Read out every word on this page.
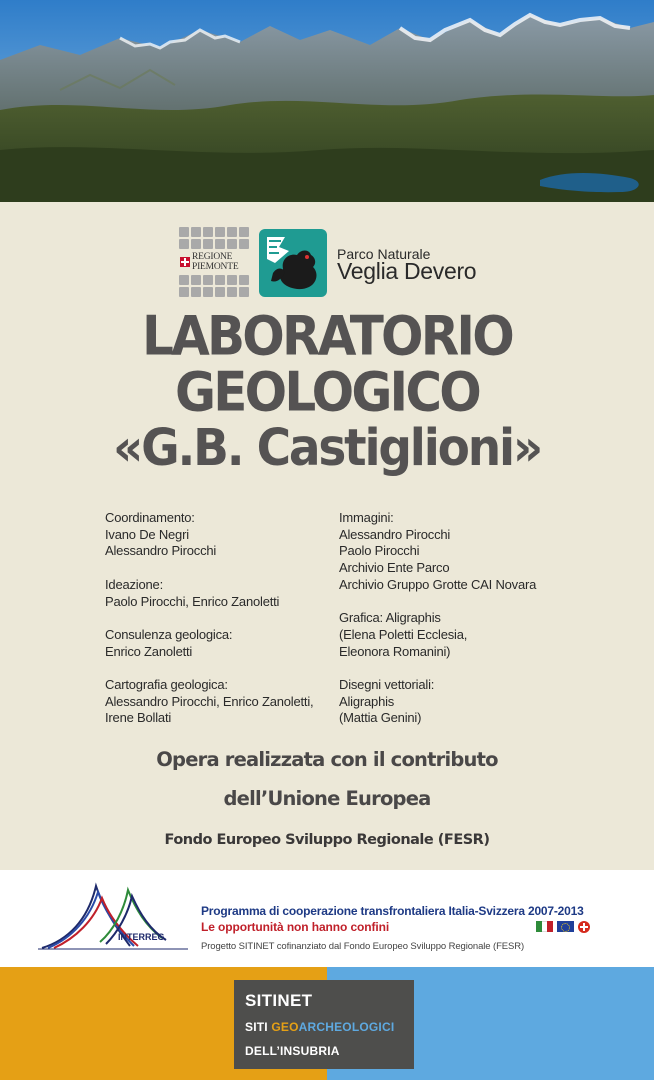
REGIONE
PIEMONTE
Parco Naturale
Veglia Devero
LABORATORIO
GEOLOGICO
«G.B. Castiglioni»
Coordinamento:
Ivano De Negri
Alessandro Pirocchi
Ideazione:
Paolo Pirocchi, Enrico Zanoletti
Consulenza geologica:
Enrico Zanoletti
Cartografia geologica:
Alessandro Pirocchi, Enrico Zanoletti,
Irene Bollati
Immagini:
Alessandro Pirocchi
Paolo Pirocchi
Archivio Ente Parco
Archivio Gruppo Grotte CAI Novara
Grafica: Aligraphis
(Elena Poletti Ecclesia,
Eleonora Romanini)
Disegni vettoriali:
Aligraphis
(Mattia Genini)
Opera realizzata con il contributo
dell’Unione Europea
Fondo Europeo Sviluppo Regionale (FESR)
INTERREG
Programma di cooperazione transfrontaliera Italia-Svizzera 2007-2013
Le opportunità non hanno confini
Progetto SITINET cofinanziato dal Fondo Europeo Sviluppo Regionale (FESR)
SITINET
SITI GEOARCHEOLOGICI
DELL’INSUBRIA
